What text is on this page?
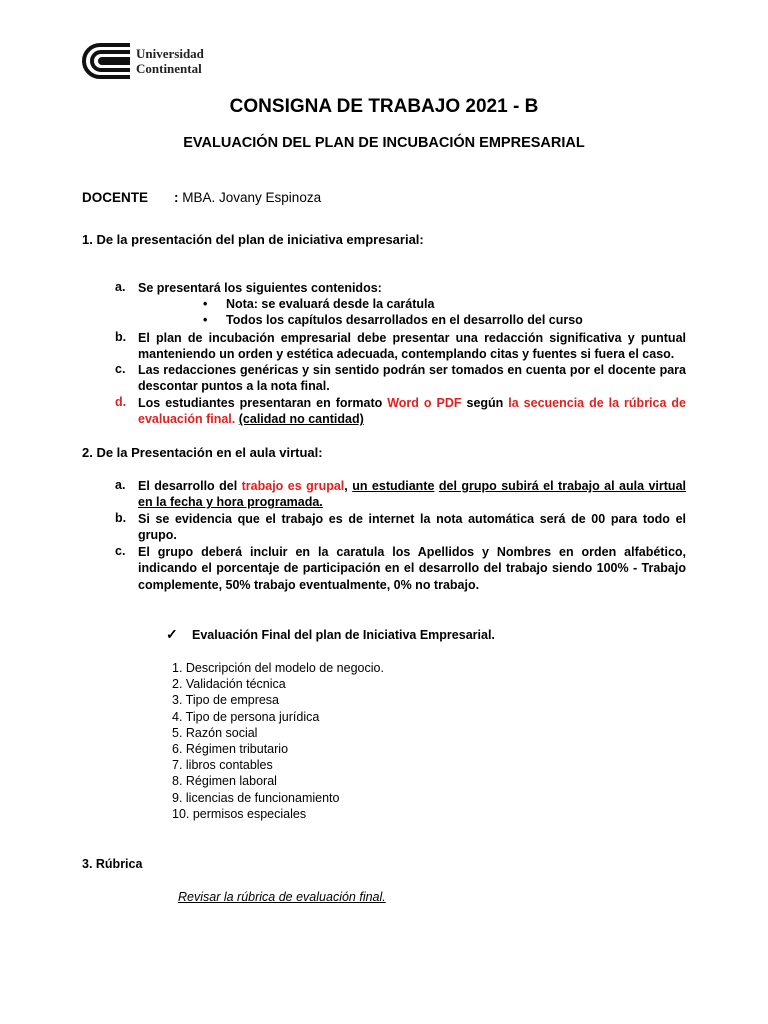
Universidad
Continental
CONSIGNA DE TRABAJO 2021 - B
EVALUACIÓN DEL PLAN DE INCUBACIÓN EMPRESARIAL
DOCENTE : MBA. Jovany Espinoza
1. De la presentación del plan de iniciativa empresarial:
a. Se presentará los siguientes contenidos:
• Nota: se evaluará desde la carátula
• Todos los capítulos desarrollados en el desarrollo del curso
b. El plan de incubación empresarial debe presentar una redacción significativa y puntual manteniendo un orden y estética adecuada, contemplando citas y fuentes si fuera el caso.
c. Las redacciones genéricas y sin sentido podrán ser tomados en cuenta por el docente para descontar puntos a la nota final.
d. Los estudiantes presentaran en formato Word o PDF según la secuencia de la rúbrica de evaluación final. (calidad no cantidad)
2. De la Presentación en el aula virtual:
a. El desarrollo del trabajo es grupal, un estudiante del grupo subirá el trabajo al aula virtual en la fecha y hora programada.
b. Si se evidencia que el trabajo es de internet la nota automática será de 00 para todo el grupo.
c. El grupo deberá incluir en la caratula los Apellidos y Nombres en orden alfabético, indicando el porcentaje de participación en el desarrollo del trabajo siendo 100% - Trabajo complemente, 50% trabajo eventualmente, 0% no trabajo.
✓ Evaluación Final del plan de Iniciativa Empresarial.
1. Descripción del modelo de negocio.
2. Validación técnica
3. Tipo de empresa
4. Tipo de persona jurídica
5. Razón social
6. Régimen tributario
7. libros contables
8. Régimen laboral
9. licencias de funcionamiento
10. permisos especiales
3. Rúbrica
Revisar la rúbrica de evaluación final.
